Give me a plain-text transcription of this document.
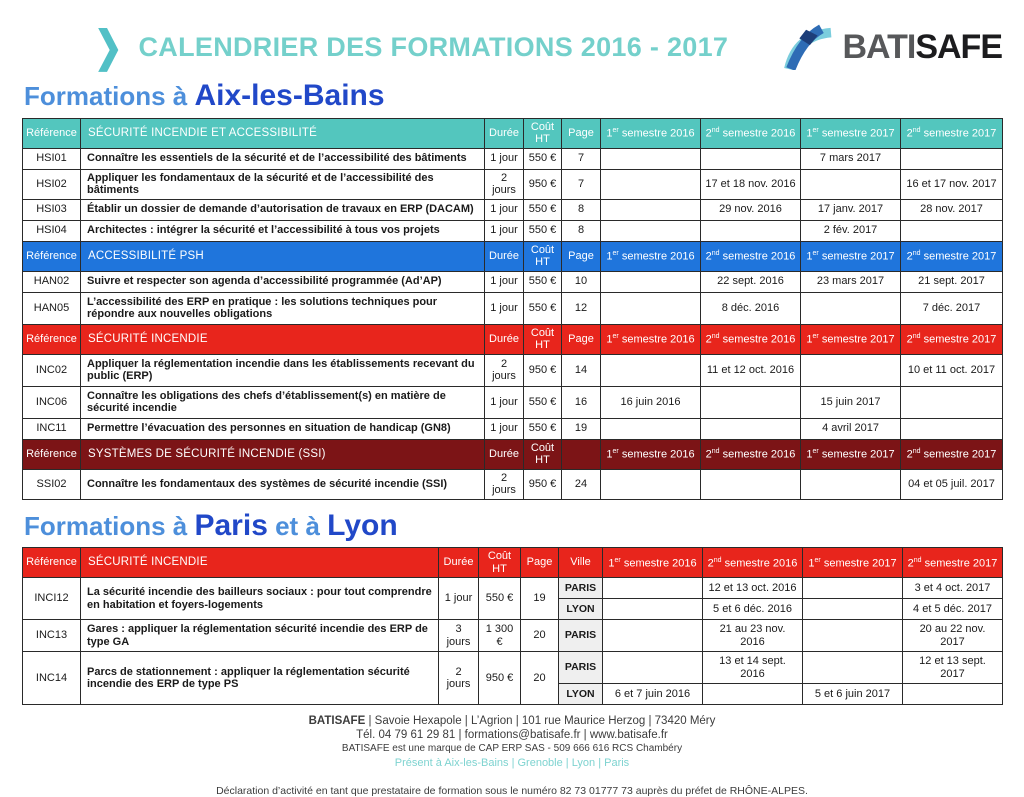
❯ CALENDRIER DES FORMATIONS 2016 - 2017	BATISAFE
Formations à Aix-les-Bains
Référence	SÉCURITÉ INCENDIE ET ACCESSIBILITÉ	Durée	Coût HT	Page	1er semestre 2016	2nd semestre 2016	1er semestre 2017	2nd semestre 2017
HSI01	Connaître les essentiels de la sécurité et de l’accessibilité des bâtiments	1 jour	550 €	7			7 mars 2017	
HSI02	Appliquer les fondamentaux de la sécurité et de l’accessibilité des bâtiments	2 jours	950 €	7		17 et 18 nov. 2016		16 et 17 nov. 2017
HSI03	Établir un dossier de demande d’autorisation de travaux en ERP (DACAM)	1 jour	550 €	8		29 nov. 2016	17 janv. 2017	28 nov. 2017
HSI04	Architectes : intégrer la sécurité et l’accessibilité à tous vos projets	1 jour	550 €	8			2 fév. 2017	
Référence	ACCESSIBILITÉ PSH	Durée	Coût HT	Page	1er semestre 2016	2nd semestre 2016	1er semestre 2017	2nd semestre 2017
HAN02	Suivre et respecter son agenda d’accessibilité programmée (Ad’AP)	1 jour	550 €	10		22 sept. 2016	23 mars 2017	21 sept. 2017
HAN05	L’accessibilité des ERP en pratique : les solutions techniques pour répondre aux nouvelles obligations	1 jour	550 €	12		8 déc. 2016		7 déc. 2017
Référence	SÉCURITÉ INCENDIE	Durée	Coût HT	Page	1er semestre 2016	2nd semestre 2016	1er semestre 2017	2nd semestre 2017
INC02	Appliquer la réglementation incendie dans les établissements recevant du public (ERP)	2 jours	950 €	14		11 et 12 oct. 2016		10 et 11 oct. 2017
INC06	Connaître les obligations des chefs d’établissement(s) en matière de sécurité incendie	1 jour	550 €	16	16 juin 2016		15 juin 2017	
INC11	Permettre l’évacuation des personnes en situation de handicap (GN8)	1 jour	550 €	19			4 avril 2017	
Référence	SYSTÈMES DE SÉCURITÉ INCENDIE (SSI)	Durée	Coût HT		1er semestre 2016	2nd semestre 2016	1er semestre 2017	2nd semestre 2017
SSI02	Connaître les fondamentaux des systèmes de sécurité incendie (SSI)	2 jours	950 €	24				04 et 05 juil. 2017
Formations à Paris et à Lyon
Référence	SÉCURITÉ INCENDIE	Durée	Coût HT	Page	Ville	1er semestre 2016	2nd semestre 2016	1er semestre 2017	2nd semestre 2017
INCI12	La sécurité incendie des bailleurs sociaux : pour tout comprendre en habitation et foyers-logements	1 jour	550 €	19	PARIS		12 et 13 oct. 2016		3 et 4 oct. 2017
					LYON		5 et 6 déc. 2016		4 et 5 déc. 2017
INC13	Gares : appliquer la réglementation sécurité incendie des ERP de type GA	3 jours	1 300 €	20	PARIS		21 au 23 nov. 2016		20 au 22 nov. 2017
INC14	Parcs de stationnement : appliquer la réglementation sécurité incendie des ERP de type PS	2 jours	950 €	20	PARIS		13 et 14 sept. 2016		12 et 13 sept. 2017
					LYON	6 et 7 juin 2016		5 et 6 juin 2017	
BATISAFE | Savoie Hexapole | L’Agrion | 101 rue Maurice Herzog | 73420 Méry
Tél. 04 79 61 29 81 | formations@batisafe.fr | www.batisafe.fr
BATISAFE est une marque de CAP ERP SAS - 509 666 616 RCS Chambéry
Présent à Aix-les-Bains | Grenoble | Lyon | Paris
Déclaration d’activité en tant que prestataire de formation sous le numéro 82 73 01777 73 auprès du préfet de RHÔNE-ALPES.
